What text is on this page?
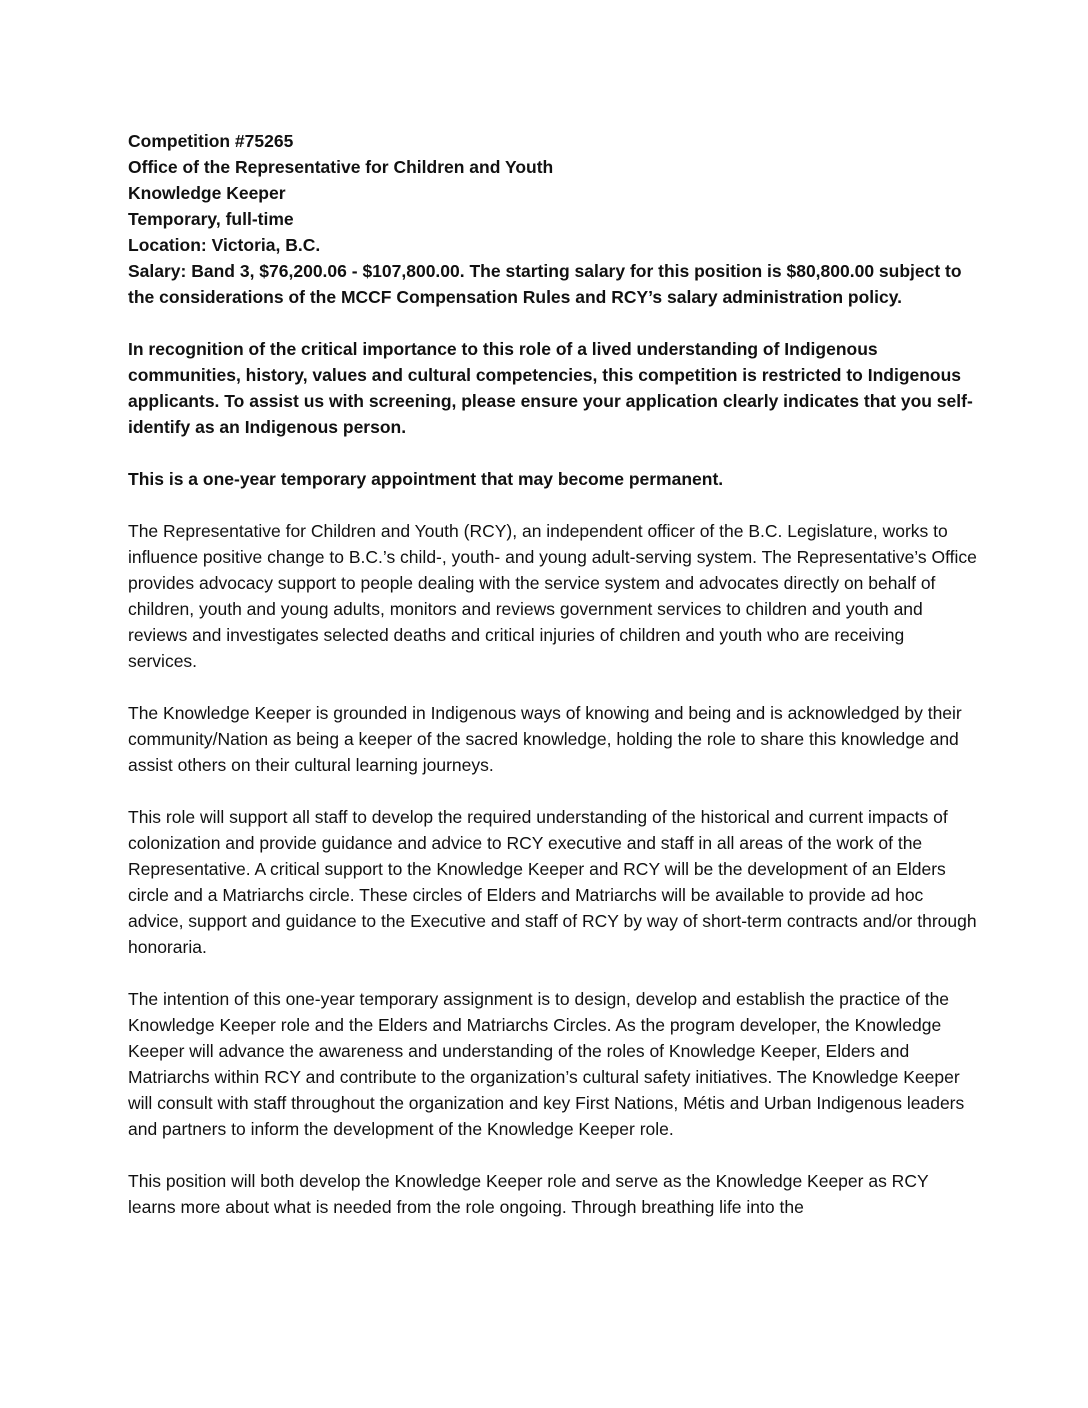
Competition #75265

Office of the Representative for Children and Youth

Knowledge Keeper

Temporary, full-time

Location: Victoria, B.C.

Salary: Band 3, $76,200.06 - $107,800.00. The starting salary for this position is $80,800.00 subject to the considerations of the MCCF Compensation Rules and RCY’s salary administration policy.

In recognition of the critical importance to this role of a lived understanding of Indigenous communities, history, values and cultural competencies, this competition is restricted to Indigenous applicants. To assist us with screening, please ensure your application clearly indicates that you self-identify as an Indigenous person.

This is a one-year temporary appointment that may become permanent.

The Representative for Children and Youth (RCY), an independent officer of the B.C. Legislature, works to influence positive change to B.C.’s child-, youth- and young adult-serving system. The Representative’s Office provides advocacy support to people dealing with the service system and advocates directly on behalf of children, youth and young adults, monitors and reviews government services to children and youth and reviews and investigates selected deaths and critical injuries of children and youth who are receiving services.

The Knowledge Keeper is grounded in Indigenous ways of knowing and being and is acknowledged by their community/Nation as being a keeper of the sacred knowledge, holding the role to share this knowledge and assist others on their cultural learning journeys.

This role will support all staff to develop the required understanding of the historical and current impacts of colonization and provide guidance and advice to RCY executive and staff in all areas of the work of the Representative. A critical support to the Knowledge Keeper and RCY will be the development of an Elders circle and a Matriarchs circle. These circles of Elders and Matriarchs will be available to provide ad hoc advice, support and guidance to the Executive and staff of RCY by way of short-term contracts and/or through honoraria.

The intention of this one-year temporary assignment is to design, develop and establish the practice of the Knowledge Keeper role and the Elders and Matriarchs Circles. As the program developer, the Knowledge Keeper will advance the awareness and understanding of the roles of Knowledge Keeper, Elders and Matriarchs within RCY and contribute to the organization’s cultural safety initiatives. The Knowledge Keeper will consult with staff throughout the organization and key First Nations, Métis and Urban Indigenous leaders and partners to inform the development of the Knowledge Keeper role.

This position will both develop the Knowledge Keeper role and serve as the Knowledge Keeper as RCY learns more about what is needed from the role ongoing. Through breathing life into the
